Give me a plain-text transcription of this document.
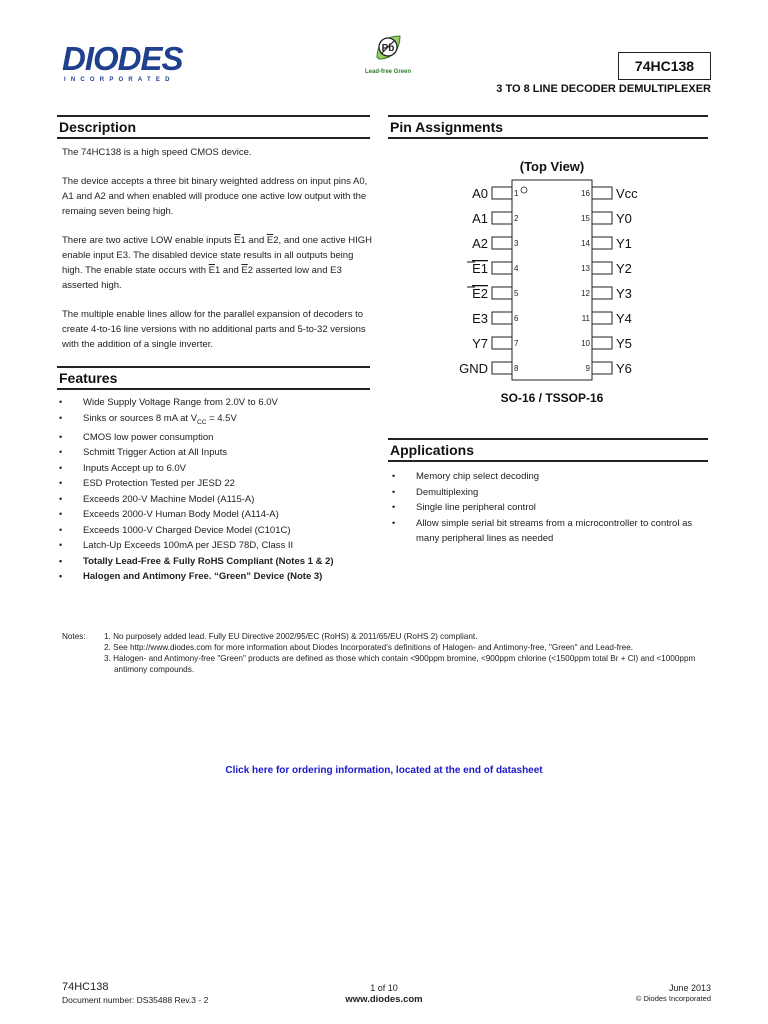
DIODES
INCORPORATED
Pb
Lead-free Green	74HC138
3 TO 8 LINE DECODER DEMULTIPLEXER
Description

The 74HC138 is a high speed CMOS device.

The device accepts a three bit binary weighted address on input pins A0, A1 and A2 and when enabled will produce one active low output with the remaing seven being high.

There are two active LOW enable inputs $\overline{E}1$ and $\overline{E}2$, and one active HIGH enable input E3. The disabled device state results in all outputs being high. The enable state occurs with $\overline{E}1$ and $\overline{E}2$ asserted low and E3 asserted high.

The multiple enable lines allow for the parallel expansion of decoders to create 4-to-16 line versions with no additional parts and 5-to-32 versions with the addition of a single inverter.

Features
• Wide Supply Voltage Range from 2.0V to 6.0V
• Sinks or sources 8 mA at $V_{CC} = 4.5V$
• CMOS low power consumption
• Schmitt Trigger Action at All Inputs
• Inputs Accept up to 6.0V
• ESD Protection Tested per JESD 22
• Exceeds 200-V Machine Model (A115-A)
• Exceeds 2000-V Human Body Model (A114-A)
• Exceeds 1000-V Charged Device Model (C101C)
• Latch-Up Exceeds 100mA per JESD 78D, Class II
• Totally Lead-Free & Fully RoHS Compliant (Notes 1 & 2)
• Halogen and Antimony Free. “Green” Device (Note 3)
Pin Assignments
(Top View)
1
A0
2
A1
3
A2
4
E1
5
E2
6
E3
7
Y7
8
GND
16 Vcc
15 Y0
14 Y1
13 Y2
12 Y3
11 Y4
10 Y5
9 Y6
SO-16 / TSSOP-16
Applications
• Memory chip select decoding
• Demultiplexing
• Single line peripheral control
• Allow simple serial bit streams from a microcontroller to control as many peripheral lines as needed
Notes: 1. No purposely added lead. Fully EU Directive 2002/95/EC (RoHS) & 2011/65/EU (RoHS 2) compliant.
2. See http://www.diodes.com for more information about Diodes Incorporated’s definitions of Halogen- and Antimony-free, "Green" and Lead-free.
3. Halogen- and Antimony-free "Green" products are defined as those which contain <900ppm bromine, <900ppm chlorine (<1500ppm total Br + Cl) and <1000ppm antimony compounds.
Click here for ordering information, located at the end of datasheet
74HC138
Document number: DS35488 Rev.3 - 2
1 of 10
www.diodes.com
June 2013
© Diodes Incorporated
